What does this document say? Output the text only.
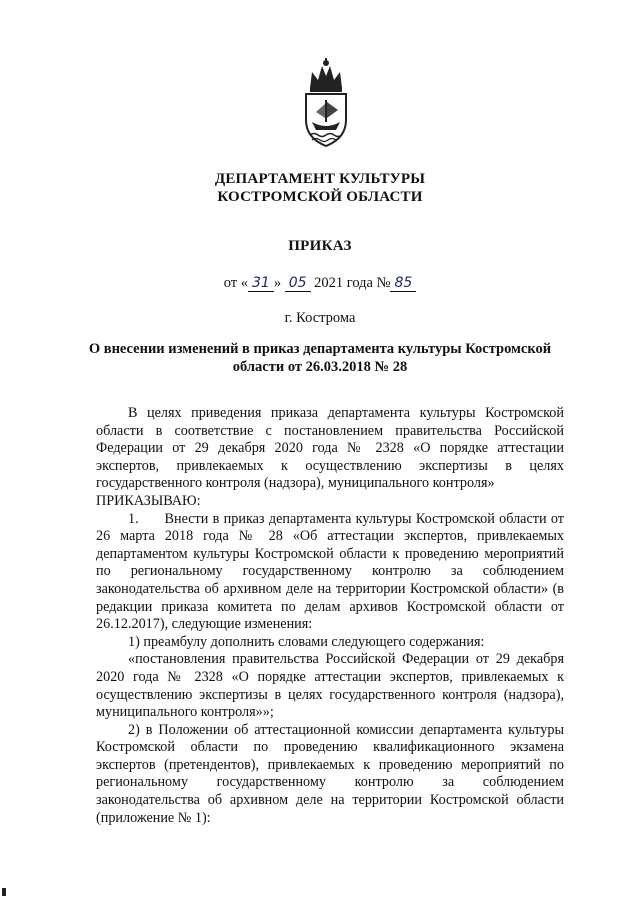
ДЕПАРТАМЕНТ КУЛЬТУРЫ
КОСТРОМСКОЙ ОБЛАСТИ
ПРИКАЗ
от « 31 » 05 2021 года № 85
г. Кострома
О внесении изменений в приказ департамента культуры Костромской
области от 26.03.2018 № 28

В целях приведения приказа департамента культуры Костромской области в соответствие с постановлением правительства Российской Федерации от 29 декабря 2020 года № 2328 «О порядке аттестации экспертов, привлекаемых к осуществлению экспертизы в целях государственного контроля (надзора), муниципального контроля»

ПРИКАЗЫВАЮ:

1.      Внести в приказ департамента культуры Костромской области от 26 марта 2018 года № 28 «Об аттестации экспертов, привлекаемых департаментом культуры Костромской области к проведению мероприятий по региональному государственному контролю за соблюдением законодательства об архивном деле на территории Костромской области» (в редакции приказа комитета по делам архивов Костромской области от 26.12.2017), следующие изменения:

1) преамбулу дополнить словами следующего содержания:

«постановления правительства Российской Федерации от 29 декабря 2020 года № 2328 «О порядке аттестации экспертов, привлекаемых к осуществлению экспертизы в целях государственного контроля (надзора), муниципального контроля»»;

2) в Положении об аттестационной комиссии департамента культуры Костромской области по проведению квалификационного экзамена экспертов (претендентов), привлекаемых к проведению мероприятий по региональному государственному контролю за соблюдением законодательства об архивном деле на территории Костромской области (приложение № 1):
